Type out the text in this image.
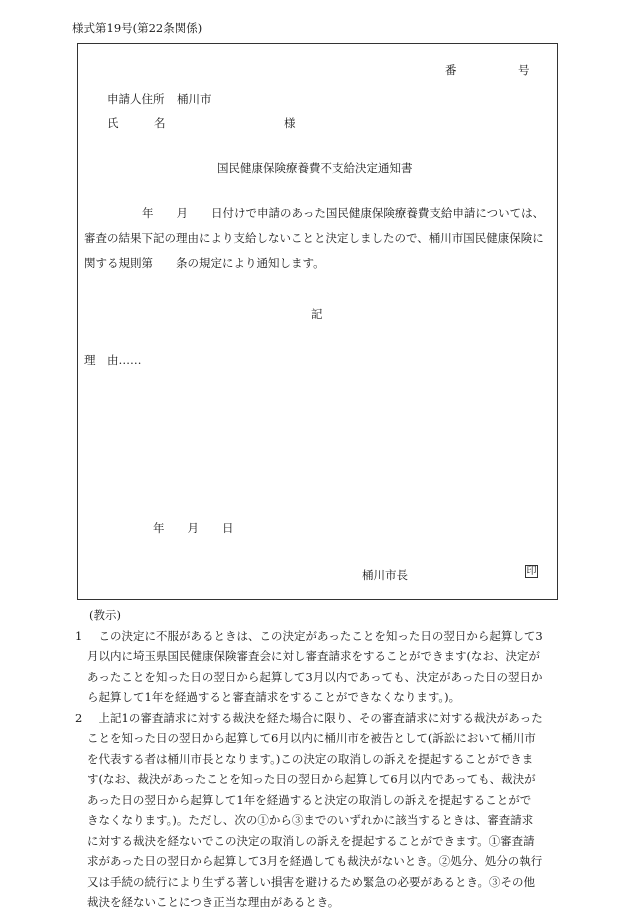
様式第19号(第22条関係)
番	号
申請人住所 桶川市
氏	名	様
国民健康保険療養費不支給決定通知書
年　　月　　日付けで申請のあった国民健康保険療養費支給申請については、
審査の結果下記の理由により支給しないことと決定しましたので、桶川市国民健康保険に
関する規則第　　条の規定により通知します。
記
理　由……
年　　月　　日
桶川市長	印
(教示)
1 　この決定に不服があるときは、この決定があったことを知った日の翌日から起算して3
月以内に埼玉県国民健康保険審査会に対し審査請求をすることができます(なお、決定が
あったことを知った日の翌日から起算して3月以内であっても、決定があった日の翌日か
ら起算して1年を経過すると審査請求をすることができなくなります。)。
2 　上記1の審査請求に対する裁決を経た場合に限り、その審査請求に対する裁決があった
ことを知った日の翌日から起算して6月以内に桶川市を被告として(訴訟において桶川市
を代表する者は桶川市長となります。)この決定の取消しの訴えを提起することができま
す(なお、裁決があったことを知った日の翌日から起算して6月以内であっても、裁決が
あった日の翌日から起算して1年を経過すると決定の取消しの訴えを提起することがで
きなくなります。)。ただし、次の①から③までのいずれかに該当するときは、審査請求
に対する裁決を経ないでこの決定の取消しの訴えを提起することができます。①審査請
求があった日の翌日から起算して3月を経過しても裁決がないとき。②処分、処分の執行
又は手続の続行により生ずる著しい損害を避けるため緊急の必要があるとき。③その他
裁決を経ないことにつき正当な理由があるとき。
